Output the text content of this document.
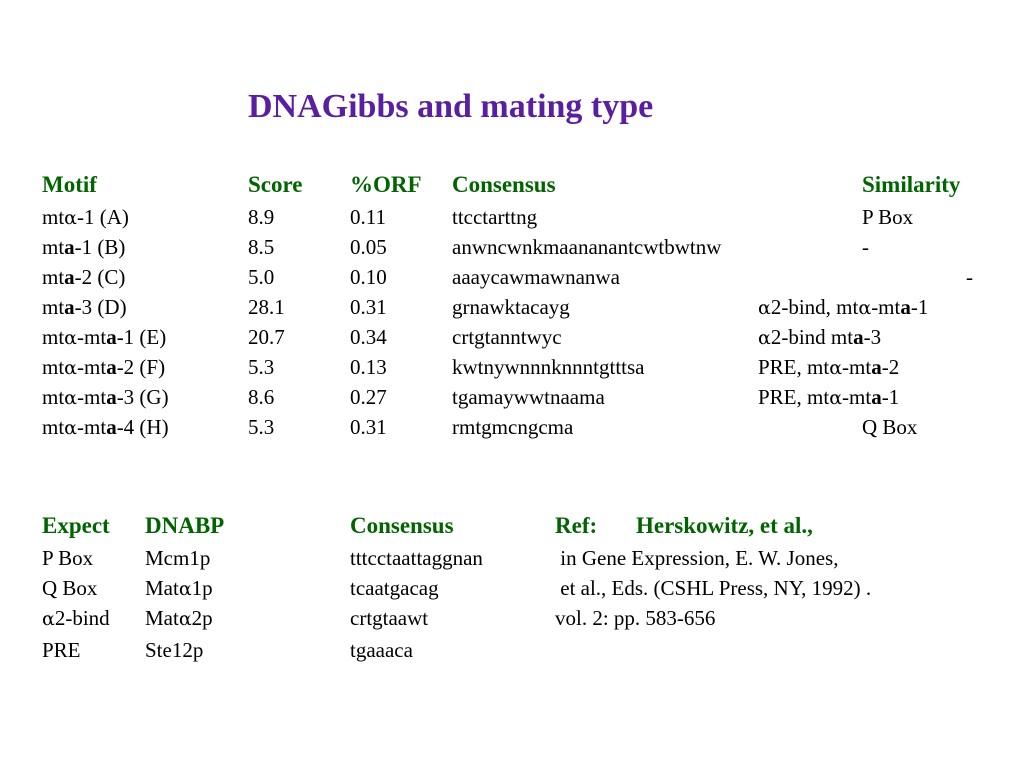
DNAGibbs and mating type
Motif	Score %ORF Consensus	Similarity
mtα-1 (A)	8.9	0.11	ttcctarttng	P Box
mta-1 (B)	8.5	0.05	anwncwnkmaananantcwtbwtnw	-
mta-2 (C)	5.0	0.10	aaaycawmawnanwa	-
mta-3 (D)	28.1	0.31	grnawktacayg	α2-bind, mtα-mta-1
mtα-mta-1 (E)	20.7	0.34	crtgtanntwyc	α2-bind mta-3
mtα-mta-2 (F)	5.3	0.13	kwtnywnnnknnntgtttsa	PRE, mtα-mta-2
mtα-mta-3 (G)	8.6	0.27	tgamaywwtnaama	PRE, mtα-mta-1
mtα-mta-4 (H)	5.3	0.31	rmtgmcngcma	Q Box
Expect DNABP	Consensus	Ref: Herskowitz, et al.,
P Box Mcm1p	tttcctaattaggnan	in Gene Expression, E. W. Jones,
Q Box Matα1p	tcaatgacag	et al., Eds. (CSHL Press, NY, 1992) .
α2-bind Matα2p	crtgtaawt	vol. 2: pp. 583-656
PRE	Ste12p	tgaaaca
